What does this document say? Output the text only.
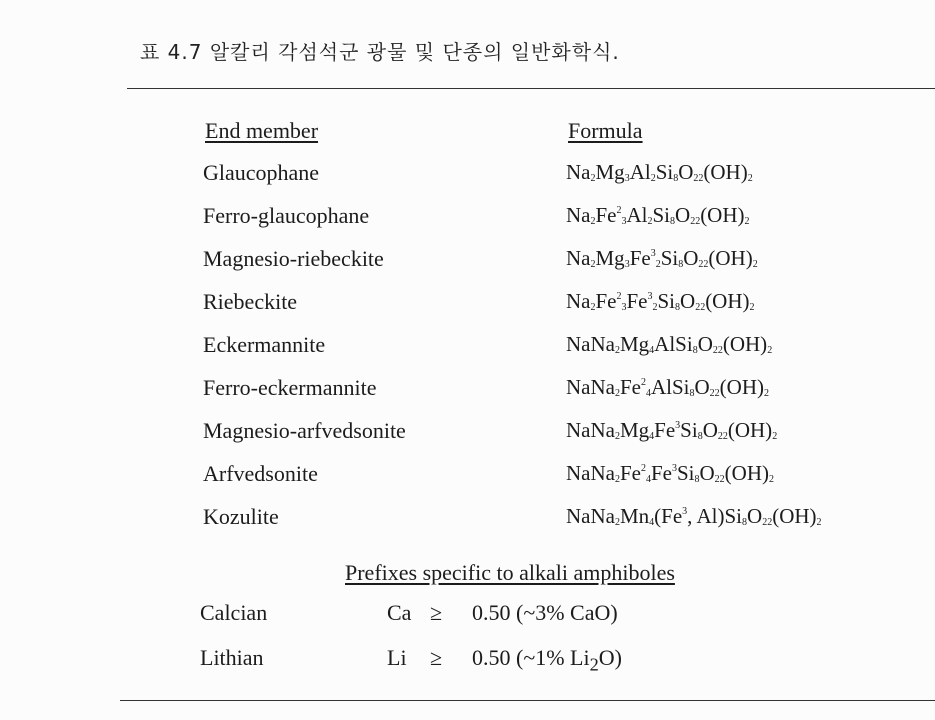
표 4.7 알칼리 각섬석군 광물 및 단종의 일반화학식.
End member	Formula
Glaucophane	$Na_2Mg_3Al_2Si_8O_{22}(OH)_2$
Ferro-glaucophane	$Na_2Fe^2_3Al_2Si_8O_{22}(OH)_2$
Magnesio-riebeckite	$Na_2Mg_3Fe^3_2Si_8O_{22}(OH)_2$
Riebeckite	$Na_2Fe^2_3Fe^3_2Si_8O_{22}(OH)_2$
Eckermannite	$NaNa_2Mg_4AlSi_8O_{22}(OH)_2$
Ferro-eckermannite	$NaNa_2Fe^2_4AlSi_8O_{22}(OH)_2$
Magnesio-arfvedsonite	$NaNa_2Mg_4Fe^3Si_8O_{22}(OH)_2$
Arfvedsonite	$NaNa_2Fe^2_4Fe^3Si_8O_{22}(OH)_2$
Kozulite	$NaNa_2Mn_4(Fe^3$, $Al)Si_8O_{22}(OH)_2$
Prefixes specific to alkali amphiboles
Calcian	Ca ≥ 0.50 (~3% CaO)
Lithian	Li ≥ 0.50 (~1% $Li_2O$)
